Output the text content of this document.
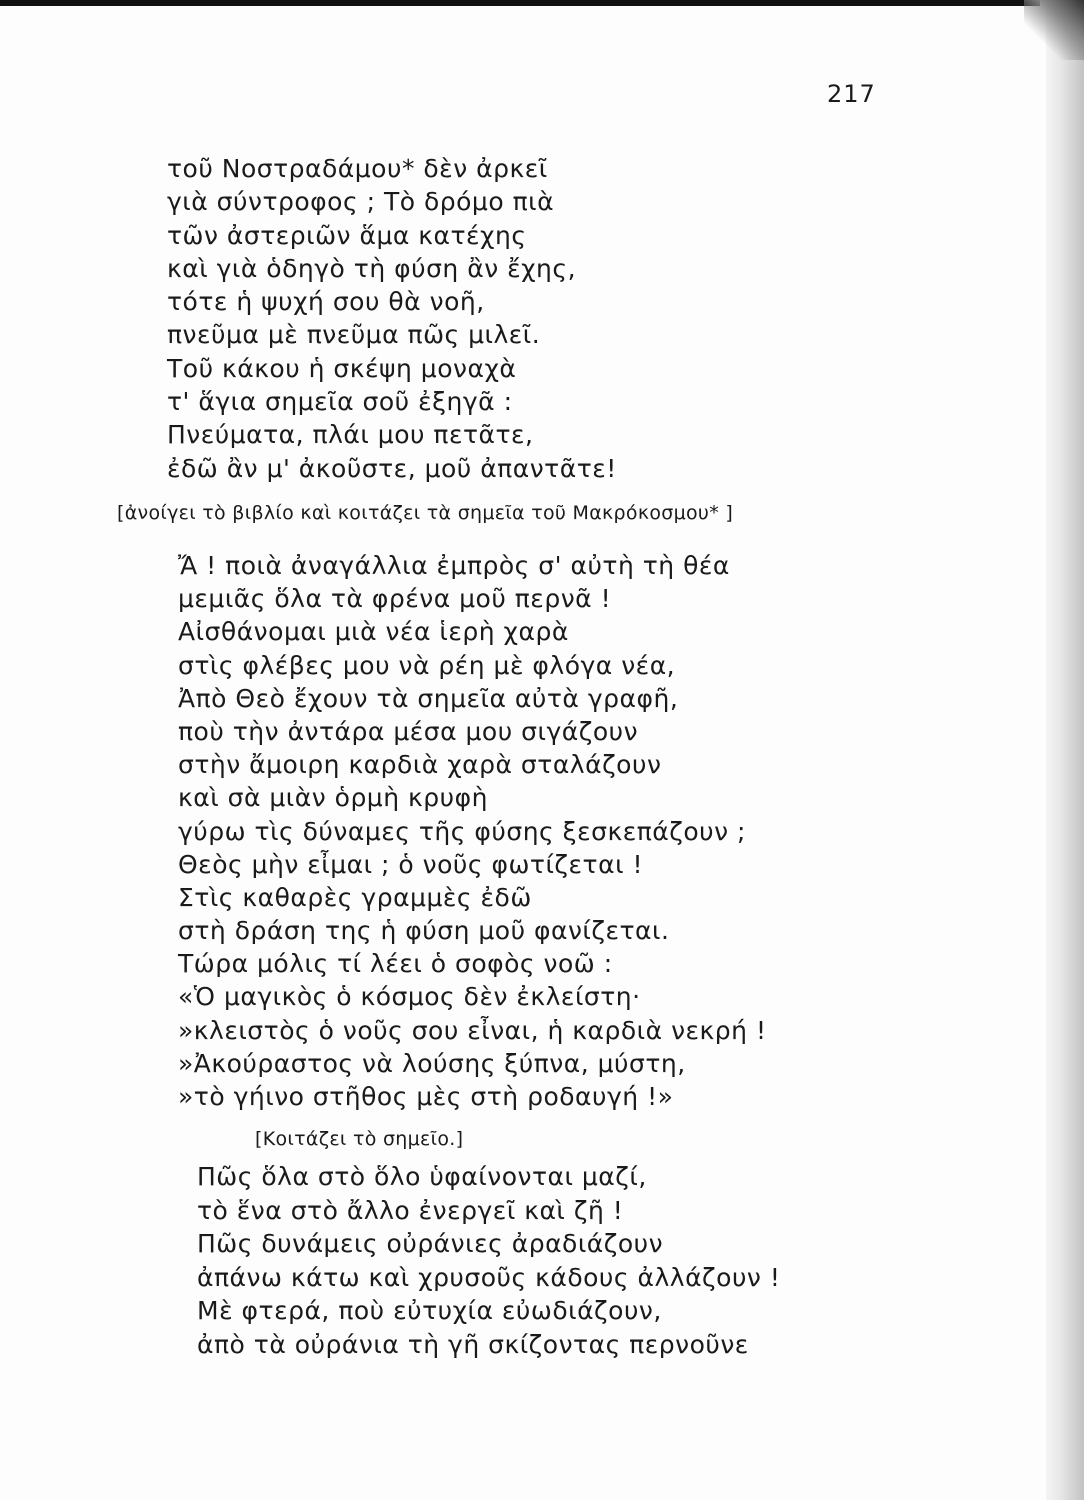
217
τοῦ Νοστραδάμου* δὲν ἀρκεῖ
γιὰ σύντροφος ; Τὸ δρόμο πιὰ
τῶν ἀστεριῶν ἅμα κατέχης
καὶ γιὰ ὁδηγὸ τὴ φύση ἂν ἔχης,
τότε ἡ ψυχή σου θὰ νοῆ,
πνεῦμα μὲ πνεῦμα πῶς μιλεῖ.
Τοῦ κάκου ἡ σκέψη μοναχὰ
τ' ἅγια σημεῖα σοῦ ἐξηγᾶ :
Πνεύματα, πλάι μου πετᾶτε,
ἐδῶ ἂν μ' ἀκοῦστε, μοῦ ἀπαντᾶτε!
[ἀνοίγει τὸ βιβλίο καὶ κοιτάζει τὰ σημεῖα τοῦ Μακρόκοσμου* ]
Ἄ ! ποιὰ ἀναγάλλια ἐμπρὸς σ' αὐτὴ τὴ θέα
μεμιᾶς ὅλα τὰ φρένα μοῦ περνᾶ !
Αἰσθάνομαι μιὰ νέα ἱερὴ χαρὰ
στὶς φλέβες μου νὰ ρέη μὲ φλόγα νέα,
Ἀπὸ Θεὸ ἔχουν τὰ σημεῖα αὐτὰ γραφῆ,
ποὺ τὴν ἀντάρα μέσα μου σιγάζουν
στὴν ἄμοιρη καρδιὰ χαρὰ σταλάζουν
καὶ σὰ μιὰν ὁρμὴ κρυφὴ
γύρω τὶς δύναμες τῆς φύσης ξεσκεπάζουν ;
Θεὸς μὴν εἶμαι ; ὁ νοῦς φωτίζεται !
Στὶς καθαρὲς γραμμὲς ἐδῶ
στὴ δράση της ἡ φύση μοῦ φανίζεται.
Τώρα μόλις τί λέει ὁ σοφὸς νοῶ :
«Ὁ μαγικὸς ὁ κόσμος δὲν ἐκλείστη·
»κλειστὸς ὁ νοῦς σου εἶναι, ἡ καρδιὰ νεκρή !
»Ἀκούραστος νὰ λούσης ξύπνα, μύστη,
»τὸ γήινο στῆθος μὲς στὴ ροδαυγή !»
[Κοιτάζει τὸ σημεῖο.]
Πῶς ὅλα στὸ ὅλο ὑφαίνονται μαζί,
τὸ ἕνα στὸ ἄλλο ἐνεργεῖ καὶ ζῆ !
Πῶς δυνάμεις οὐράνιες ἀραδιάζουν
ἀπάνω κάτω καὶ χρυσοῦς κάδους ἀλλάζουν !
Μὲ φτερά, ποὺ εὐτυχία εὐωδιάζουν,
ἀπὸ τὰ οὐράνια τὴ γῆ σκίζοντας περνοῦνε
